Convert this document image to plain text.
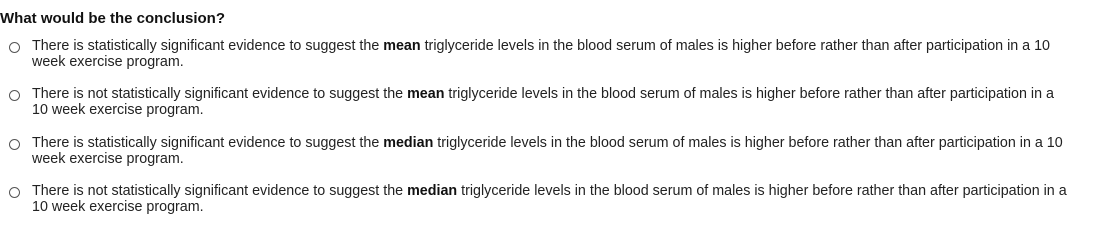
What would be the conclusion?
There is statistically significant evidence to suggest the mean triglyceride levels in the blood serum of males is higher before rather than after participation in a 10 week exercise program.
There is not statistically significant evidence to suggest the mean triglyceride levels in the blood serum of males is higher before rather than after participation in a 10 week exercise program.
There is statistically significant evidence to suggest the median triglyceride levels in the blood serum of males is higher before rather than after participation in a 10 week exercise program.
There is not statistically significant evidence to suggest the median triglyceride levels in the blood serum of males is higher before rather than after participation in a 10 week exercise program.
